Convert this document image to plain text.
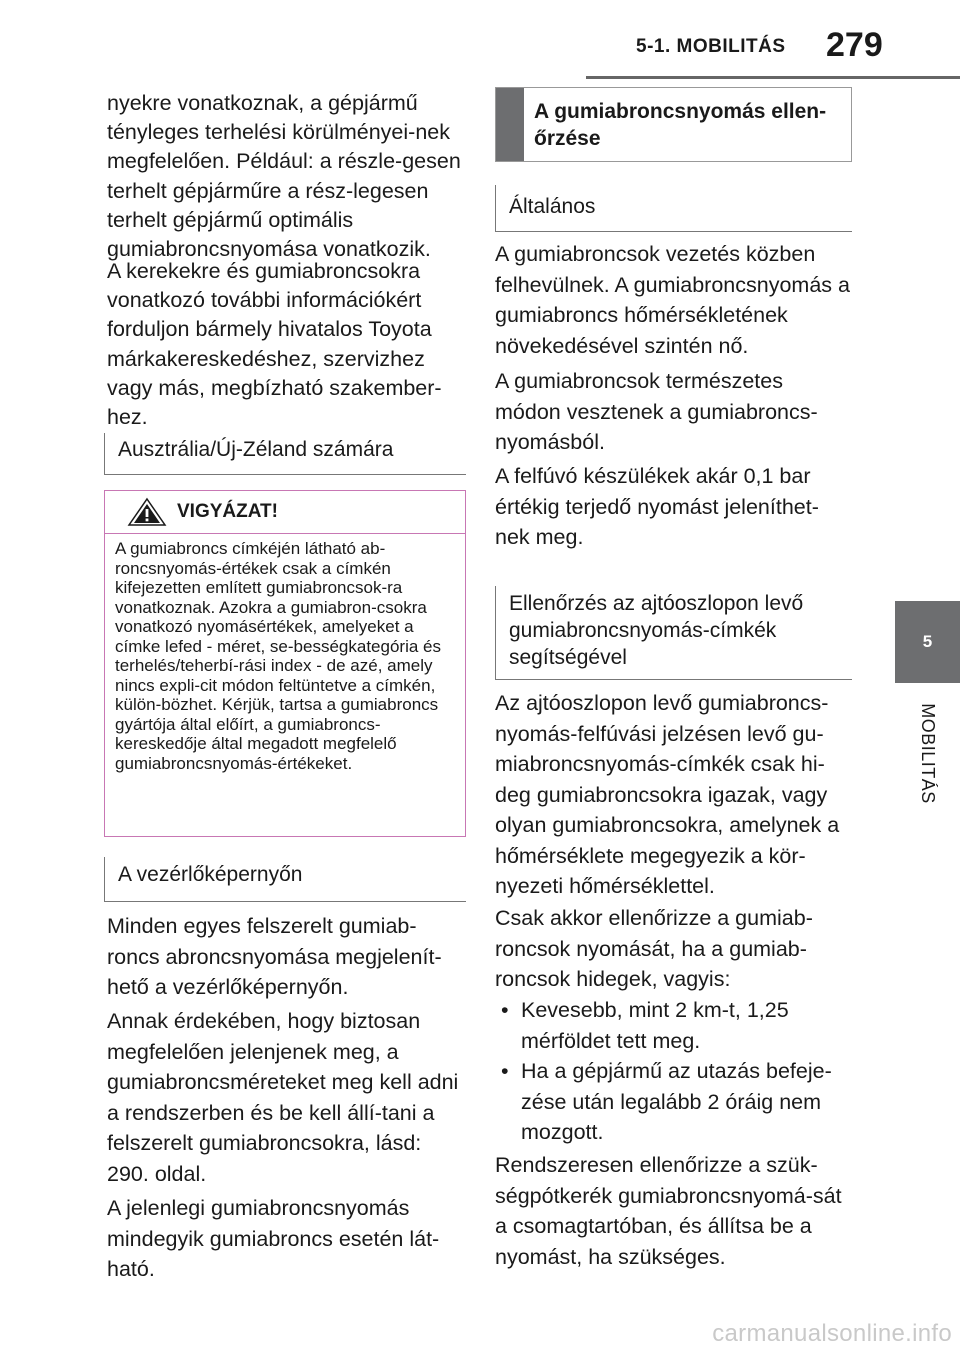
5-1. MOBILITÁS 279
5
MOBILITÁS
nyekre vonatkoznak, a gépjármű tényleges terhelési körülményei-nek megfelelően. Például: a részle-gesen terhelt gépjárműre a rész-legesen terhelt gépjármű optimális gumiabroncsnyomása vonatkozik.
A kerekekre és gumiabroncsokra vonatkozó további információkért forduljon bármely hivatalos Toyota márkakereskedéshez, szervizhez vagy más, megbízható szakember-hez.
Ausztrália/Új-Zéland számára
VIGYÁZAT!
A gumiabroncs címkéjén látható ab-roncsnyomás-értékek csak a címkén kifejezetten említett gumiabroncsok-ra vonatkoznak. Azokra a gumiabron-csokra vonatkozó nyomásértékek, amelyeket a címke lefed - méret, se-bességkategória és terhelés/teherbí-rási index - de azé, amely nincs expli-cit módon feltüntetve a címkén, külön-bözhet. Kérjük, tartsa a gumiabroncs gyártója által előírt, a gumiabroncs-kereskedője által megadott megfelelő gumiabroncsnyomás-értékeket.
A vezérlőképernyőn
Minden egyes felszerelt gumiab-roncs abroncsnyomása megjelenít-hető a vezérlőképernyőn.
Annak érdekében, hogy biztosan megfelelően jelenjenek meg, a gumiabroncsméreteket meg kell adni a rendszerben és be kell állí-tani a felszerelt gumiabroncsokra, lásd: 290. oldal.
A jelenlegi gumiabroncsnyomás mindegyik gumiabroncs esetén lát-ható.
A gumiabroncsnyomás ellen-őrzése
Általános
A gumiabroncsok vezetés közben felhevülnek. A gumiabroncsnyomás a gumiabroncs hőmérsékletének növekedésével szintén nő.
A gumiabroncsok természetes módon vesztenek a gumiabroncs-nyomásból.
A felfúvó készülékek akár 0,1 bar értékig terjedő nyomást jeleníthet-nek meg.
Ellenőrzés az ajtóoszlopon levő gumiabroncsnyomás-címkék segítségével
Az ajtóoszlopon levő gumiabroncs-nyomás-felfúvási jelzésen levő gu-miabroncsnyomás-címkék csak hi-deg gumiabroncsokra igazak, vagy olyan gumiabroncsokra, amelynek a hőmérséklete megegyezik a kör-nyezeti hőmérséklettel.
Csak akkor ellenőrizze a gumiab-roncsok nyomását, ha a gumiab-roncsok hidegek, vagyis:
• Kevesebb, mint 2 km-t, 1,25 mérföldet tett meg.
• Ha a gépjármű az utazás befeje-zése után legalább 2 óráig nem mozgott.
Rendszeresen ellenőrizze a szük-ségpótkerék gumiabroncsnyomá-sát a csomagtartóban, és állítsa be a nyomást, ha szükséges.
carmanualsonline.info
